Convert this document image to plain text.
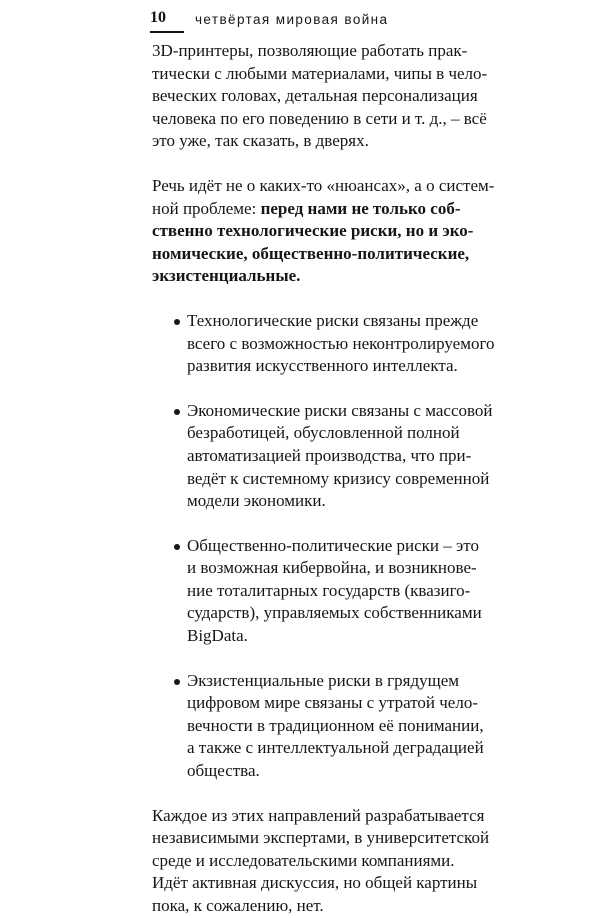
10 четвёртая мировая война

3D-принтеры, позволяющие работать прак-
тически с любыми материалами, чипы в чело-
веческих головах, детальная персонализация
человека по его поведению в сети и т. д., – всё
это уже, так сказать, в дверях.

Речь идёт не о каких-то «нюансах», а о систем-
ной проблеме: перед нами не только соб-
ственно технологические риски, но и эко-
номические, общественно-политические,
экзистенциальные.

Технологические риски связаны прежде
всего с возможностью неконтролируемого
развития искусственного интеллекта.
Экономические риски связаны с массовой
безработицей, обусловленной полной
автоматизацией производства, что при-
ведёт к системному кризису современной
модели экономики.
Общественно-политические риски – это
и возможная кибервойна, и возникнове-
ние тоталитарных государств (квазиго-
сударств), управляемых собственниками
BigData.
Экзистенциальные риски в грядущем
цифровом мире связаны с утратой чело-
вечности в традиционном её понимании,
а также с интеллектуальной деградацией
общества.

Каждое из этих направлений разрабатывается
независимыми экспертами, в университетской
среде и исследовательскими компаниями.
Идёт активная дискуссия, но общей картины
пока, к сожалению, нет.
